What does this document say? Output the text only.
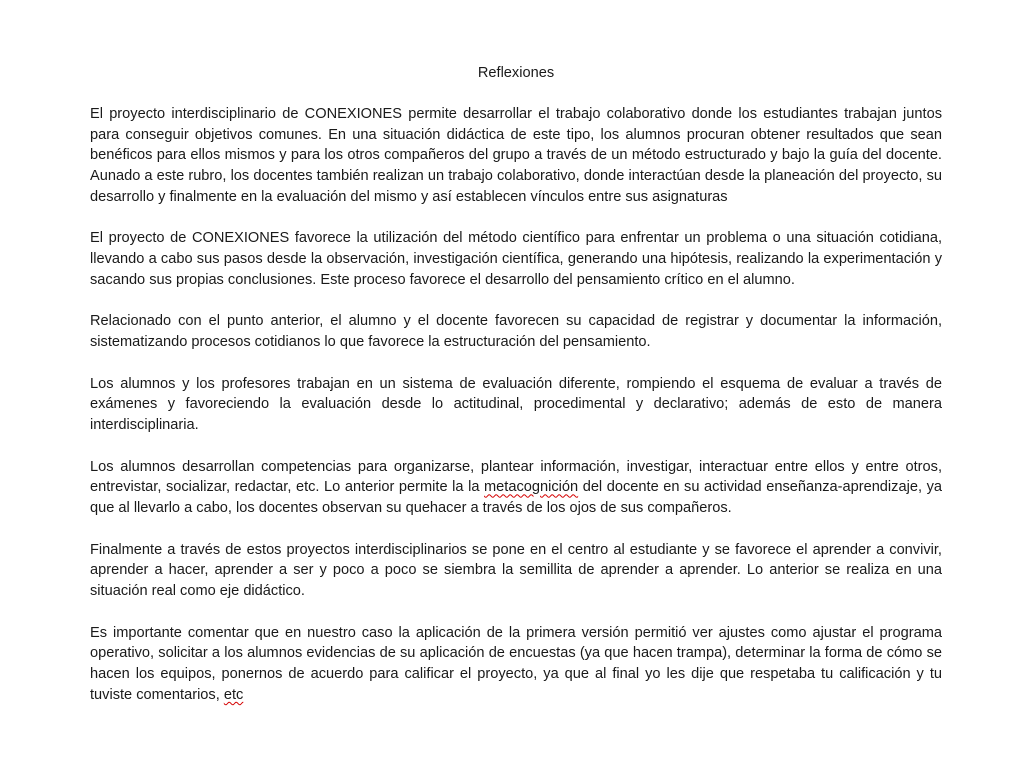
Reflexiones

El proyecto interdisciplinario de CONEXIONES permite desarrollar el trabajo colaborativo donde los estudiantes trabajan juntos para conseguir objetivos comunes. En una situación didáctica de este tipo, los alumnos procuran obtener resultados que sean benéficos para ellos mismos y para los otros compañeros del grupo a través de un método estructurado y bajo la guía del docente. Aunado a este rubro, los docentes también realizan un trabajo colaborativo, donde interactúan desde la planeación del proyecto, su desarrollo y finalmente en la evaluación del mismo y así establecen vínculos entre sus asignaturas

El proyecto de CONEXIONES favorece la utilización del método científico para enfrentar un problema o una situación cotidiana, llevando a cabo sus pasos desde la observación, investigación científica, generando una hipótesis, realizando la experimentación y sacando sus propias conclusiones. Este proceso favorece el desarrollo del pensamiento crítico en el alumno.

Relacionado con el punto anterior, el alumno y el docente favorecen su capacidad de registrar y documentar la información, sistematizando procesos cotidianos lo que favorece la estructuración del pensamiento.

Los alumnos y los profesores trabajan en un sistema de evaluación diferente, rompiendo el esquema de evaluar a través de exámenes y favoreciendo la evaluación desde lo actitudinal, procedimental y declarativo; además de esto de manera interdisciplinaria.

Los alumnos desarrollan competencias para organizarse, plantear información, investigar, interactuar entre ellos y entre otros, entrevistar, socializar, redactar, etc. Lo anterior permite la la metacognición del docente en su actividad enseñanza-aprendizaje, ya que al llevarlo a cabo, los docentes observan su quehacer a través de los ojos de sus compañeros.

Finalmente a través de estos proyectos interdisciplinarios se pone en el centro al estudiante y se favorece el aprender a convivir, aprender a hacer, aprender a ser y poco a poco se siembra la semillita de aprender a aprender. Lo anterior se realiza en una situación real como eje didáctico.

Es importante comentar que en nuestro caso la aplicación de la primera versión permitió ver ajustes como ajustar el programa operativo, solicitar a los alumnos evidencias de su aplicación de encuestas (ya que hacen trampa), determinar la forma de cómo se hacen los equipos, ponernos de acuerdo para calificar el proyecto, ya que al final yo les dije que respetaba tu calificación y tu tuviste comentarios, etc
